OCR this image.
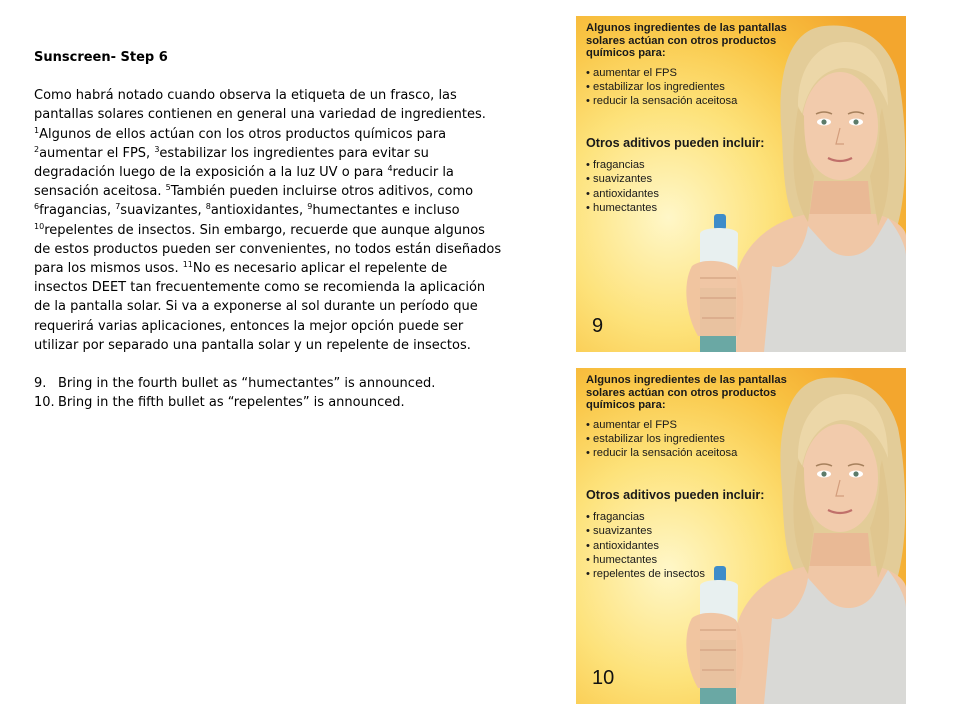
Sunscreen- Step 6

Como habrá notado cuando observa la etiqueta de un frasco, las pantallas solares contienen en general una variedad de ingredientes. $^1$Algunos de ellos actúan con los otros productos químicos para $^2$aumentar el FPS, $^3$estabilizar los ingredientes para evitar su degradación luego de la exposición a la luz UV o para $^4$reducir la sensación aceitosa. $^5$También pueden incluirse otros aditivos, como $^6$fragancias, $^7$suavizantes, $^8$antioxidantes, $^9$humectantes e incluso $^{10}$repelentes de insectos. Sin embargo, recuerde que aunque algunos de estos productos pueden ser convenientes, no todos están diseñados para los mismos usos. $^{11}$No es necesario aplicar el repelente de insectos DEET tan frecuentemente como se recomienda la aplicación de la pantalla solar. Si va a exponerse al sol durante un período que requerirá varias aplicaciones, entonces la mejor opción puede ser utilizar por separado una pantalla solar y un repelente de insectos.

9. Bring in the fourth bullet as “humectantes” is announced.
10. Bring in the fifth bullet as “repelentes” is announced.

Algunos ingredientes de las pantallas solares actúan con otros productos químicos para:

• aumentar el FPS
• estabilizar los ingredientes
• reducir la sensación aceitosa

Otros aditivos pueden incluir:

• fragancias
• suavizantes
• antioxidantes
• humectantes
9

Algunos ingredientes de las pantallas solares actúan con otros productos químicos para:

• aumentar el FPS
• estabilizar los ingredientes
• reducir la sensación aceitosa

Otros aditivos pueden incluir:

• fragancias
• suavizantes
• antioxidantes
• humectantes
• repelentes de insectos
10
